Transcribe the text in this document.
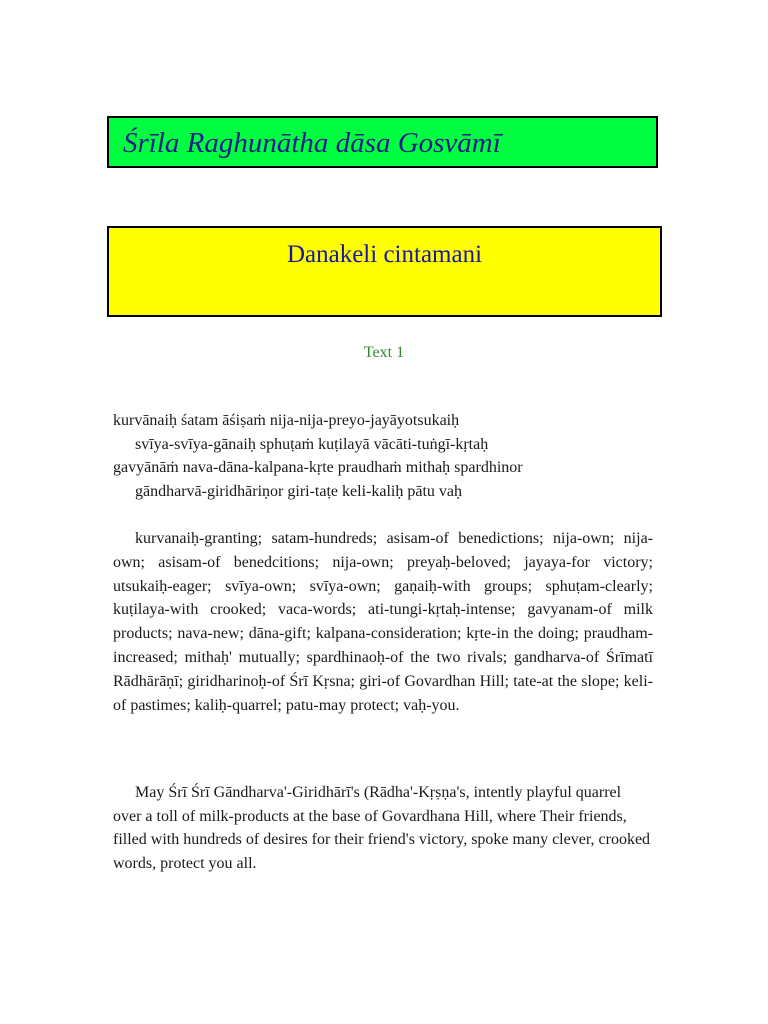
Śrīla Raghunātha dāsa Gosvāmī
Danakeli cintamani
Text 1
kurvānaiḥ śatam āśiṣaṁ nija-nija-preyo-jayāyotsukaiḥ
svīya-svīya-gānaiḥ sphuṭaṁ kuṭilayā vācāti-tuṅgī-kṛtaḥ
gavyānāṁ nava-dāna-kalpana-kṛte praudhaṁ mithaḥ spardhinor
gāndharvā-giridhāriṇor giri-taṭe keli-kaliḥ pātu vaḥ

kurvanaiḥ-granting; satam-hundreds; asisam-of benedictions; nija-own; nija-own; asisam-of benedcitions; nija-own; preyaḥ-beloved; jayaya-for victory; utsukaiḥ-eager; svīya-own; svīya-own; gaṇaiḥ-with groups; sphuṭam-clearly; kuṭilaya-with crooked; vaca-words; ati-tungi-kṛtaḥ-intense; gavyanam-of milk products; nava-new; dāna-gift; kalpana-consideration; kṛte-in the doing; praudham-increased; mithaḥ' mutually; spardhinaoḥ-of the two rivals; gandharva-of Śrīmatī Rādhārāṇī; giridharinoḥ-of Śrī Kṛsna; giri-of Govardhan Hill; tate-at the slope; keli-of pastimes; kaliḥ-quarrel; patu-may protect; vaḥ-you.

May Śrī Śrī Gāndharva'-Giridhārī's (Rādha'-Kṛṣṇa's, intently playful quarrel over a toll of milk-products at the base of Govardhana Hill, where Their friends, filled with hundreds of desires for their friend's victory, spoke many clever, crooked words, protect you all.
